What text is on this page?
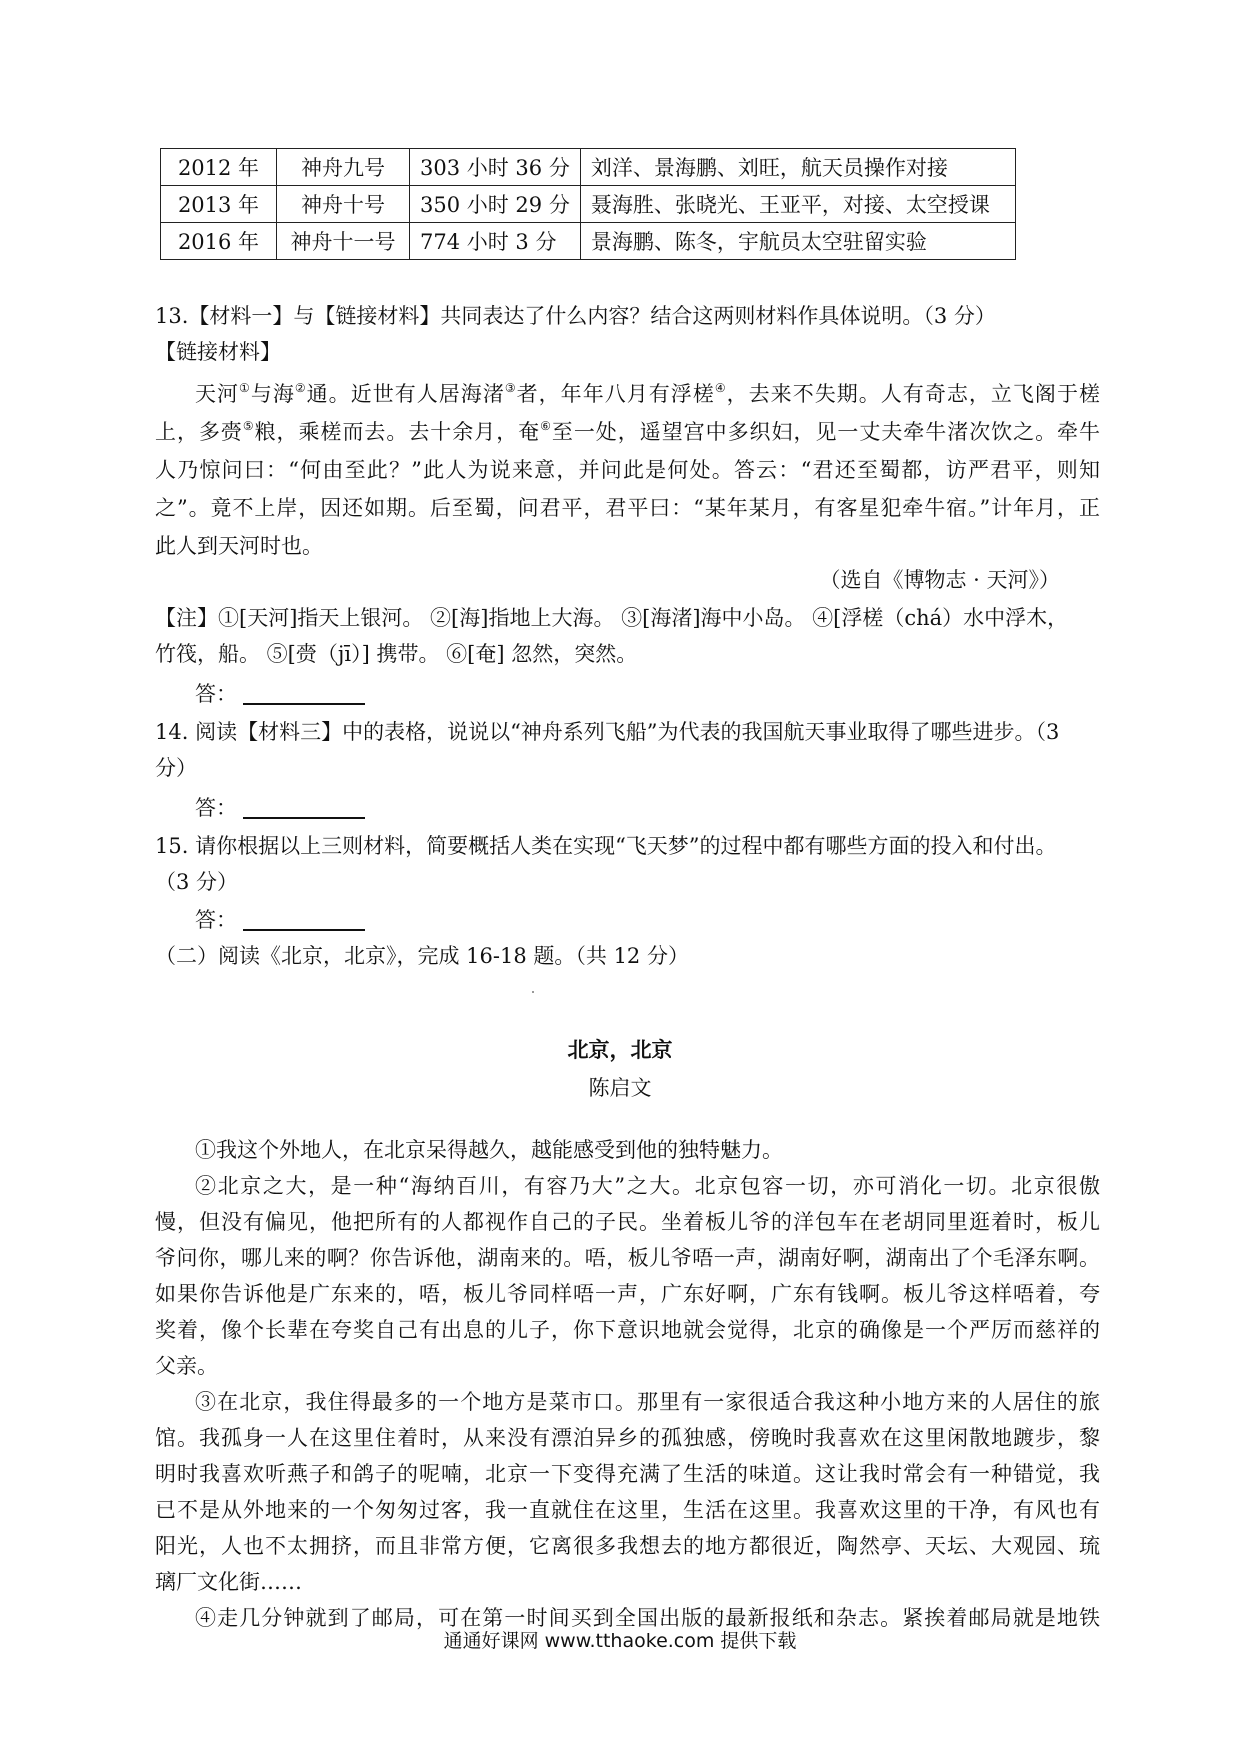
2012 年	神舟九号	303 小时 36 分	刘洋、景海鹏、刘旺，航天员操作对接
2013 年	神舟十号	350 小时 29 分	聂海胜、张晓光、王亚平，对接、太空授课
2016 年	神舟十一号	774 小时 3 分	景海鹏、陈冬，宇航员太空驻留实验
13.【材料一】与【链接材料】共同表达了什么内容？结合这两则材料作具体说明。（3 分）
【链接材料】
天河①与海②通。近世有人居海渚③者，年年八月有浮槎④，去来不失期。人有奇志，立飞阁于槎
上，多赍⑤粮，乘槎而去。去十余月，奄⑥至一处，遥望宫中多织妇，见一丈夫牵牛渚次饮之。牵牛
人乃惊问曰：“何由至此？”此人为说来意，并问此是何处。答云：“君还至蜀都，访严君平，则知
之”。竟不上岸，因还如期。后至蜀，问君平，君平曰：“某年某月，有客星犯牵牛宿。”计年月，正
此人到天河时也。
（选自《博物志 · 天河》）
【注】①[天河]指天上银河。 ②[海]指地上大海。 ③[海渚]海中小岛。 ④[浮槎（chá）水中浮木，
竹筏，船。 ⑤[赍（jī）] 携带。 ⑥[奄] 忽然，突然。
答：
14. 阅读【材料三】中的表格，说说以“神舟系列飞船”为代表的我国航天事业取得了哪些进步。（3
分）
答：
15. 请你根据以上三则材料，简要概括人类在实现“飞天梦”的过程中都有哪些方面的投入和付出。
（3 分）
答：
（二）阅读《北京，北京》，完成 16-18 题。（共 12 分）
北京，北京
陈启文
①我这个外地人，在北京呆得越久，越能感受到他的独特魅力。
②北京之大，是一种“海纳百川，有容乃大”之大。北京包容一切，亦可消化一切。北京很傲
慢，但没有偏见，他把所有的人都视作自己的子民。坐着板儿爷的洋包车在老胡同里逛着时，板儿
爷问你，哪儿来的啊？你告诉他，湖南来的。唔，板儿爷唔一声，湖南好啊，湖南出了个毛泽东啊。
如果你告诉他是广东来的，唔，板儿爷同样唔一声，广东好啊，广东有钱啊。板儿爷这样唔着，夸
奖着，像个长辈在夸奖自己有出息的儿子，你下意识地就会觉得，北京的确像是一个严厉而慈祥的
父亲。
③在北京，我住得最多的一个地方是菜市口。那里有一家很适合我这种小地方来的人居住的旅
馆。我孤身一人在这里住着时，从来没有漂泊异乡的孤独感，傍晚时我喜欢在这里闲散地踱步，黎
明时我喜欢听燕子和鸽子的呢喃，北京一下变得充满了生活的味道。这让我时常会有一种错觉，我
已不是从外地来的一个匆匆过客，我一直就住在这里，生活在这里。我喜欢这里的干净，有风也有
阳光，人也不太拥挤，而且非常方便，它离很多我想去的地方都很近，陶然亭、天坛、大观园、琉
璃厂文化街……
④走几分钟就到了邮局，可在第一时间买到全国出版的最新报纸和杂志。紧挨着邮局就是地铁
通通好课网 www.tthaoke.com 提供下载
